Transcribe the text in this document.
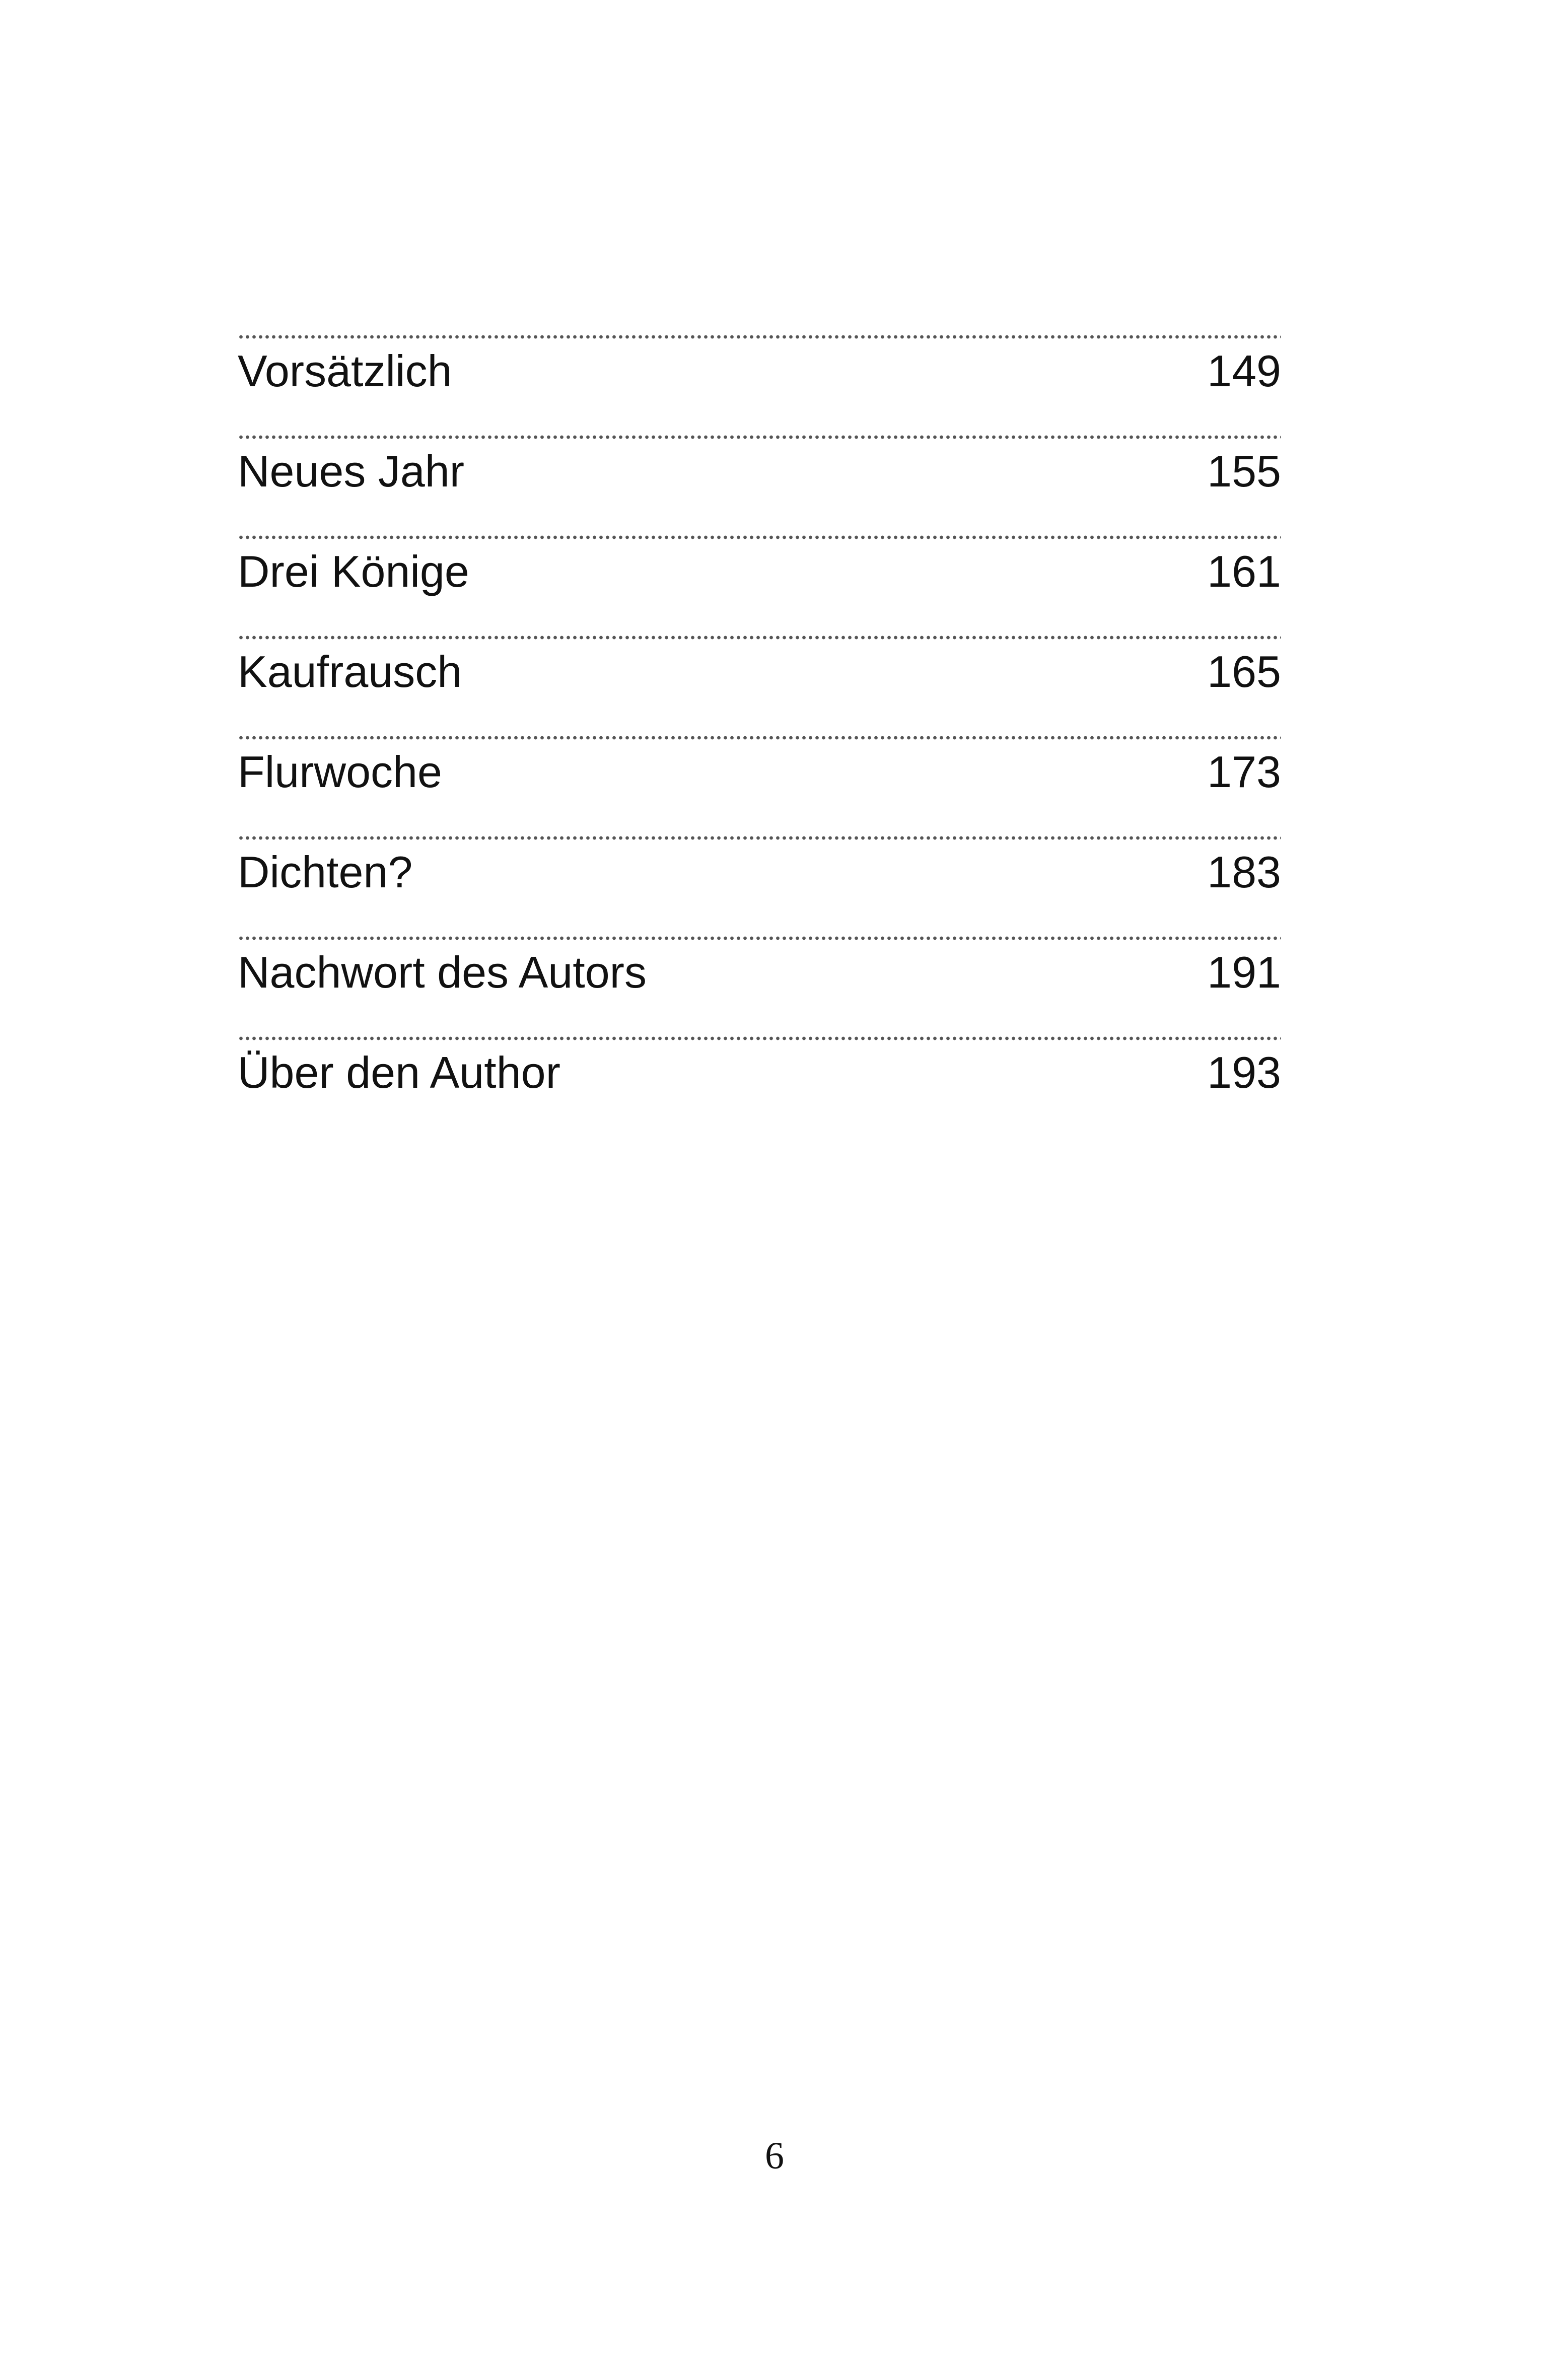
Vorsätzlich	149
Neues Jahr	155
Drei Könige	161
Kaufrausch	165
Flurwoche	173
Dichten?	183
Nachwort des Autors	191
Über den Author	193
6
